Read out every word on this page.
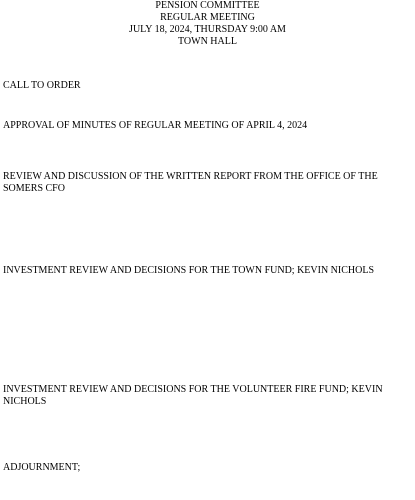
PENSION COMMITTEE
REGULAR MEETING
JULY 18, 2024, THURSDAY 9:00 AM
TOWN HALL
CALL TO ORDER
APPROVAL OF MINUTES OF REGULAR MEETING OF APRIL 4, 2024
REVIEW AND DISCUSSION OF THE WRITTEN REPORT FROM THE OFFICE OF THE SOMERS CFO
INVESTMENT REVIEW AND DECISIONS FOR THE TOWN FUND; KEVIN NICHOLS
INVESTMENT REVIEW AND DECISIONS FOR THE VOLUNTEER FIRE FUND; KEVIN NICHOLS
ADJOURNMENT;
